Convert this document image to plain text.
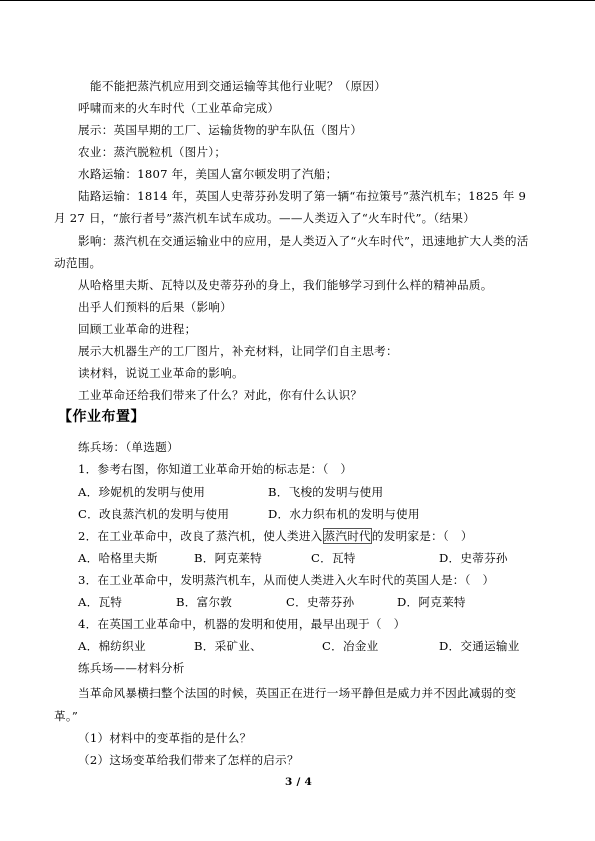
能不能把蒸汽机应用到交通运输等其他行业呢？（原因）
呼啸而来的火车时代（工业革命完成）
展示：英国早期的工厂、运输货物的驴车队伍（图片）
农业：蒸汽脱粒机（图片）；
水路运输：1807 年，美国人富尔顿发明了汽船；
陆路运输：1814 年，英国人史蒂芬孙发明了第一辆“布拉策号”蒸汽机车；1825 年 9
月 27 日，“旅行者号”蒸汽机车试车成功。——人类迈入了“火车时代”。（结果）
影响：蒸汽机在交通运输业中的应用，是人类迈入了“火车时代”，迅速地扩大人类的活
动范围。
从哈格里夫斯、瓦特以及史蒂芬孙的身上，我们能够学习到什么样的精神品质。
出乎人们预料的后果（影响）
回顾工业革命的进程；
展示大机器生产的工厂图片，补充材料，让同学们自主思考：
读材料，说说工业革命的影响。
工业革命还给我们带来了什么？对此，你有什么认识？
【作业布置】
练兵场：（单选题）
1．参考右图，你知道工业革命开始的标志是：（　）
A．珍妮机的发明与使用	B．飞梭的发明与使用
C．改良蒸汽机的发明与使用	D．水力织布机的发明与使用
2．在工业革命中，改良了蒸汽机，使人类进入蒸汽时代的发明家是：（　）
A．哈格里夫斯	B．阿克莱特	C．瓦特	D．史蒂芬孙
3．在工业革命中，发明蒸汽机车，从而使人类进入火车时代的英国人是：（　）
A．瓦特	B．富尔敦	C．史蒂芬孙	D．阿克莱特
4．在英国工业革命中，机器的发明和使用，最早出现于（　）
A．棉纺织业	B．采矿业、	C．冶金业	D．交通运输业
练兵场——材料分析
当革命风暴横扫整个法国的时候，英国正在进行一场平静但是威力并不因此减弱的变
革。”
（1）材料中的变革指的是什么？
（2）这场变革给我们带来了怎样的启示？
3 / 4
